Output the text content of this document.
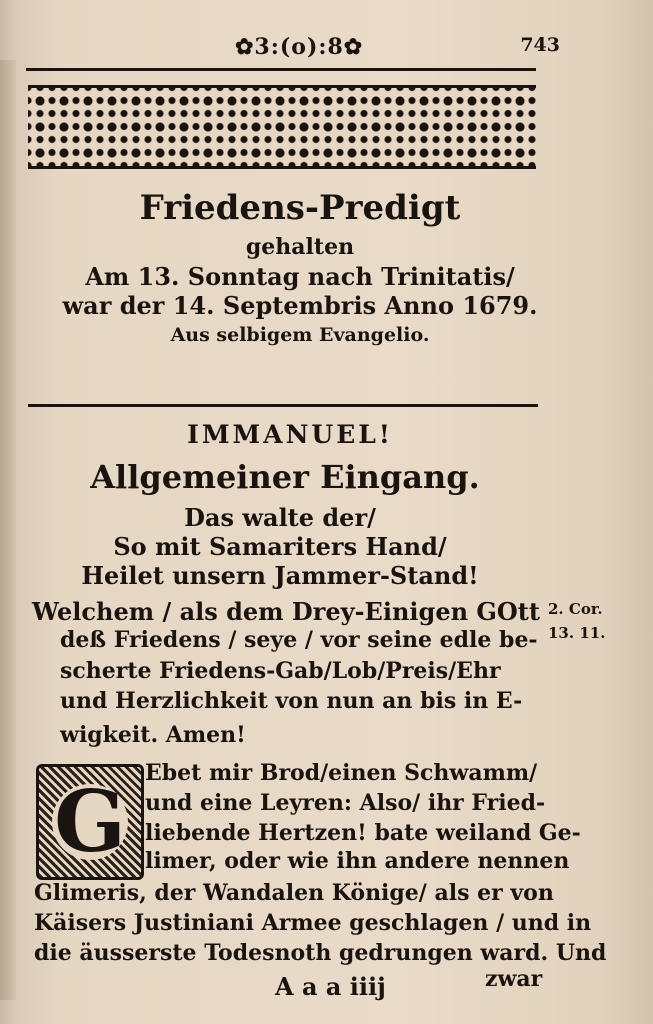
✿3:(o):8✿	743
Friedens-Predigt
gehalten
Am 13. Sonntag nach Trinitatis/
war der 14. Septembris Anno 1679.
Aus selbigem Evangelio.
IMMANUEL!
Allgemeiner Eingang.
Das walte der/
So mit Samariters Hand/
Heilet unsern Jammer-Stand!
Welchem / als dem Drey-Einigen GOtt
deß Friedens / seye / vor seine edle be-
scherte Friedens-Gab/Lob/Preis/Ehr
und Herzlichkeit von nun an bis in E-
wigkeit. Amen!
2. Cor.
13. 11.
G Ebet mir Brod/einen Schwamm/
und eine Leyren: Also/ ihr Fried-
liebende Hertzen! bate weiland Ge-
limer, oder wie ihn andere nennen
Glimeris, der Wandalen Könige/ als er von
Käisers Justiniani Armee geschlagen / und in
die äusserste Todesnoth gedrungen ward. Und
A a a iiij	zwar
